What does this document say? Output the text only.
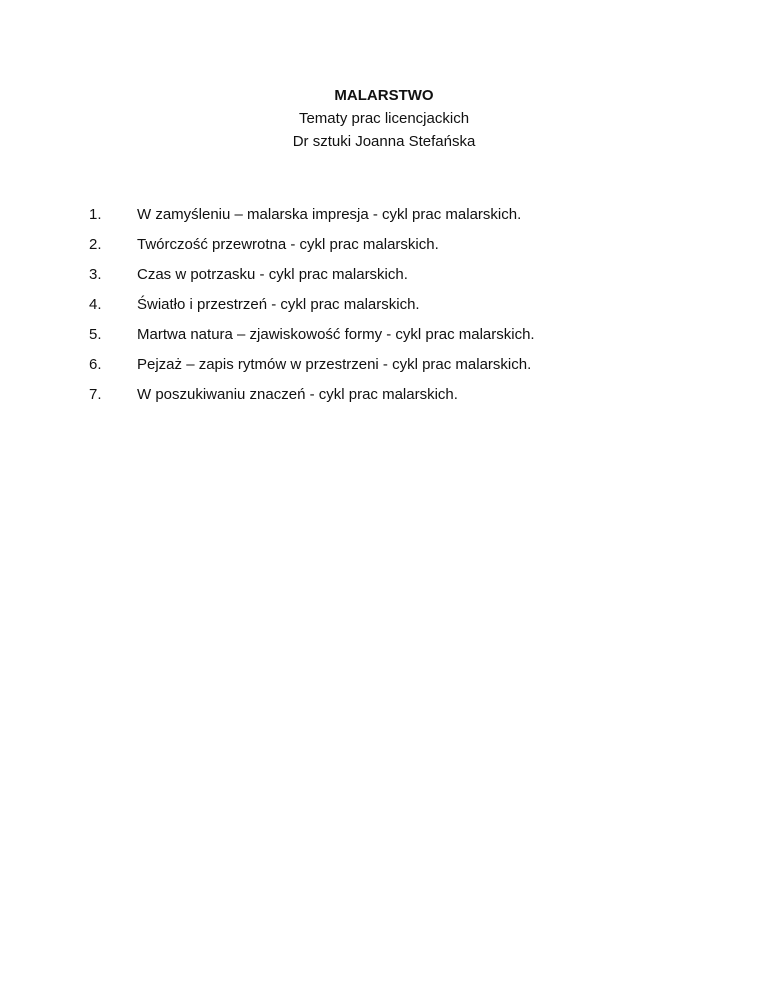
MALARSTWO
Tematy prac licencjackich
Dr sztuki Joanna Stefańska
1.	W zamyśleniu – malarska impresja - cykl prac malarskich.
2.	Twórczość przewrotna - cykl prac malarskich.
3.	Czas w potrzasku - cykl prac malarskich.
4.	Światło i przestrzeń - cykl prac malarskich.
5.	Martwa natura – zjawiskowość formy - cykl prac malarskich.
6.	Pejzaż – zapis rytmów w przestrzeni - cykl prac malarskich.
7.	W poszukiwaniu znaczeń - cykl prac malarskich.
